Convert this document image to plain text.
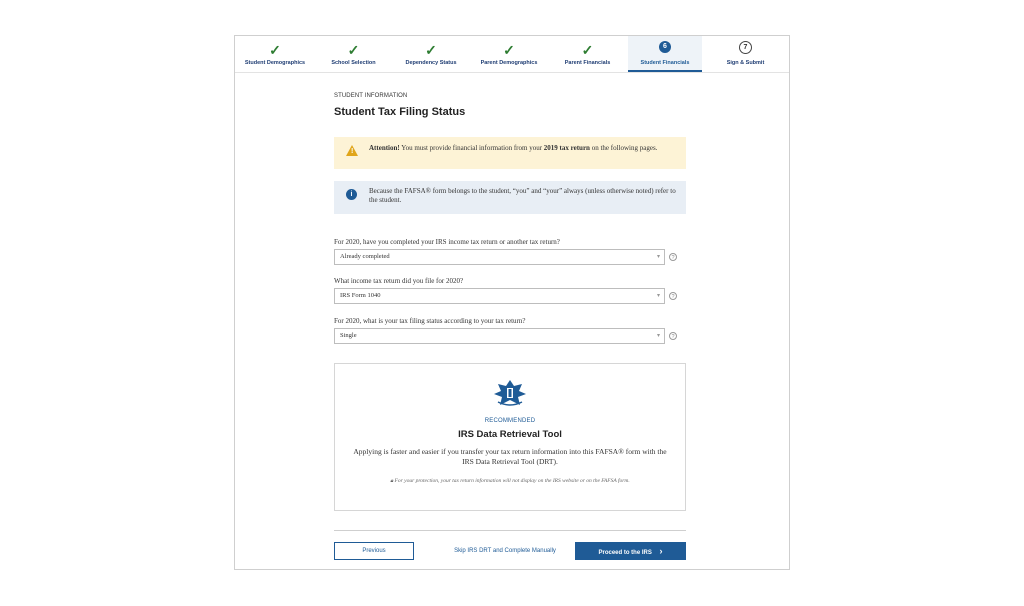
✓
Student Demographics
✓
School Selection
✓
Dependency Status
✓
Parent Demographics
✓
Parent Financials
6
Student Financials
7
Sign & Submit
STUDENT INFORMATION
Student Tax Filing Status
! Attention! You must provide financial information from your 2019 tax return on the following pages.
i	Because the FAFSA® form belongs to the student, “you” and “your” always (unless otherwise noted) refer to the student.
For 2020, have you completed your IRS income tax return or another tax return?
Already completed	▾	?
What income tax return did you file for 2020?
IRS Form 1040	▾	?
For 2020, what is your tax filing status according to your tax return?
Single	▾	?
RECOMMENDED
IRS Data Retrieval Tool
Applying is faster and easier if you transfer your tax return information into this FAFSA® form with the IRS Data Retrieval Tool (DRT).
🔒︎ For your protection, your tax return information will not display on the IRS website or on the FAFSA form.
Previous	Skip IRS DRT and Complete Manually	Proceed to the IRS ›
